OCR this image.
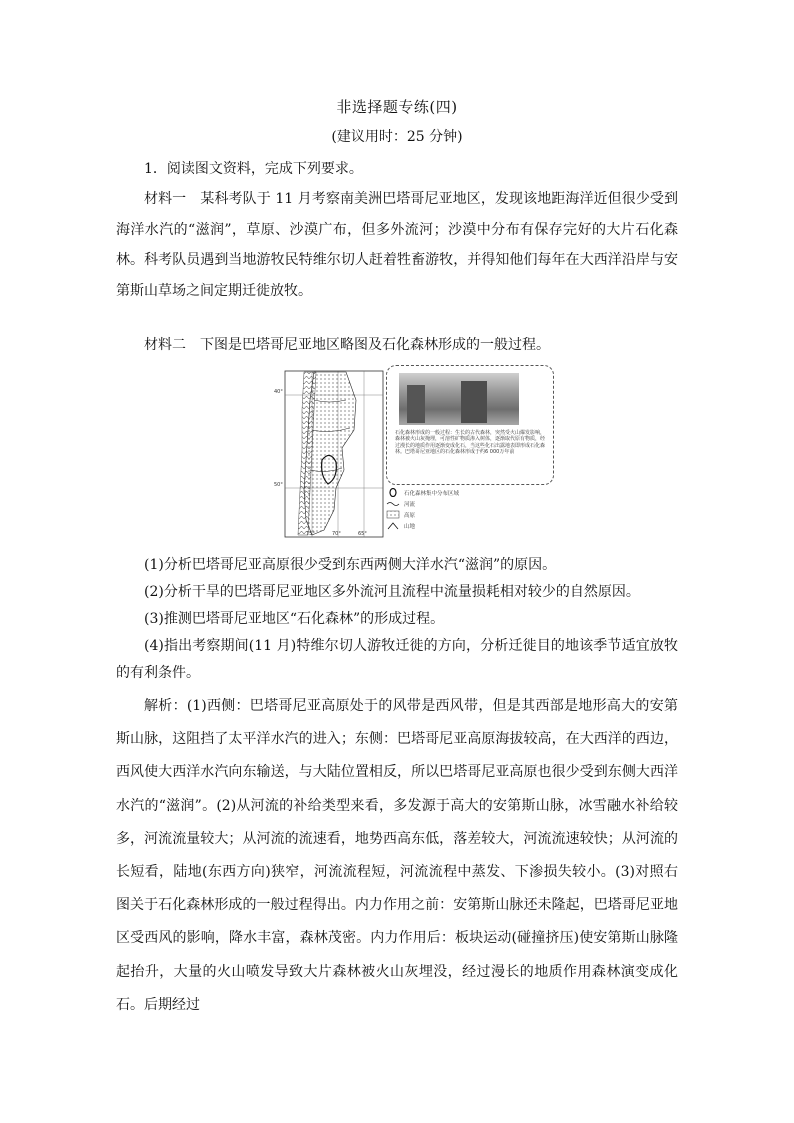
非选择题专练(四)
(建议用时：25 分钟)
1．阅读图文资料，完成下列要求。
材料一　某科考队于 11 月考察南美洲巴塔哥尼亚地区，发现该地距海洋近但很少受到海洋水汽的“滋润”，草原、沙漠广布，但多外流河；沙漠中分布有保存完好的大片石化森林。科考队员遇到当地游牧民特维尔切人赶着牲畜游牧，并得知他们每年在大西洋沿岸与安第斯山草场之间定期迁徙放牧。
材料二　下图是巴塔哥尼亚地区略图及石化森林形成的一般过程。
40°
50°
75°	70°	65°
石化森林形成的一般过程：生长的古代森林，突然受火山爆发影响，森林被火山灰掩埋，可溶性矿物质渗入树体，逐渐取代原有物质，经过漫长的地质作用逐渐变成化石，当这些化石出露地表即形成石化森林。巴塔哥尼亚地区的石化森林形成于约6 000万年前
石化森林集中分布区域
河流
高原
山地
(1)分析巴塔哥尼亚高原很少受到东西两侧大洋水汽“滋润”的原因。
(2)分析干旱的巴塔哥尼亚地区多外流河且流程中流量损耗相对较少的自然原因。
(3)推测巴塔哥尼亚地区“石化森林”的形成过程。
(4)指出考察期间(11 月)特维尔切人游牧迁徙的方向，分析迁徙目的地该季节适宜放牧的有利条件。
解析：(1)西侧：巴塔哥尼亚高原处于的风带是西风带，但是其西部是地形高大的安第斯山脉，这阻挡了太平洋水汽的进入；东侧：巴塔哥尼亚高原海拔较高，在大西洋的西边，西风使大西洋水汽向东输送，与大陆位置相反，所以巴塔哥尼亚高原也很少受到东侧大西洋水汽的“滋润”。(2)从河流的补给类型来看，多发源于高大的安第斯山脉，冰雪融水补给较多，河流流量较大；从河流的流速看，地势西高东低，落差较大，河流流速较快；从河流的长短看，陆地(东西方向)狭窄，河流流程短，河流流程中蒸发、下渗损失较小。(3)对照右图关于石化森林形成的一般过程得出。内力作用之前：安第斯山脉还未隆起，巴塔哥尼亚地区受西风的影响，降水丰富，森林茂密。内力作用后：板块运动(碰撞挤压)使安第斯山脉隆起抬升，大量的火山喷发导致大片森林被火山灰埋没，经过漫长的地质作用森林演变成化石。后期经过
